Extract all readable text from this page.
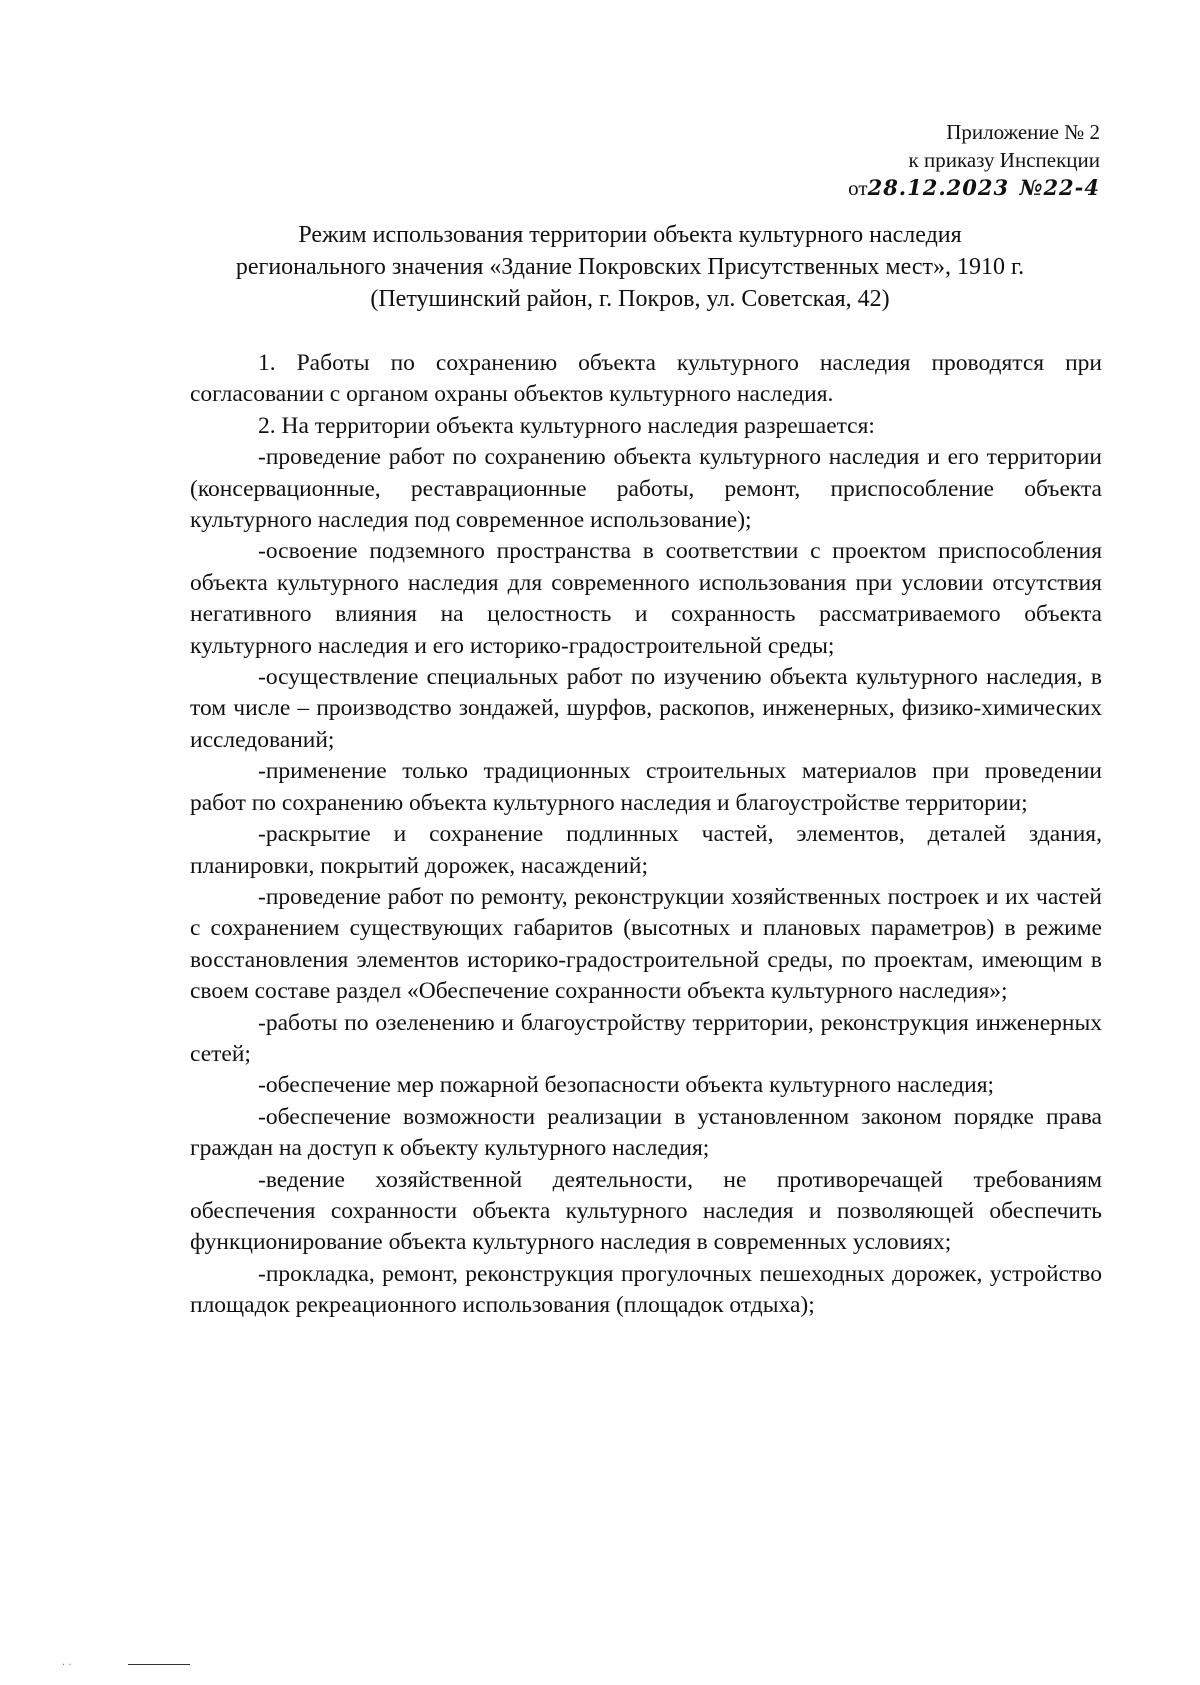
Приложение № 2
к приказу Инспекции
от28.12.2023 №22-4
Режим использования территории объекта культурного наследия
регионального значения «Здание Покровских Присутственных мест», 1910 г.
(Петушинский район, г. Покров, ул. Советская, 42)

1. Работы по сохранению объекта культурного наследия проводятся при согласовании с органом охраны объектов культурного наследия.

2. На территории объекта культурного наследия разрешается:

-проведение работ по сохранению объекта культурного наследия и его территории (консервационные, реставрационные работы, ремонт, приспособление объекта культурного наследия под современное использование);

-освоение подземного пространства в соответствии с проектом приспособления объекта культурного наследия для современного использования при условии отсутствия негативного влияния на целостность и сохранность рассматриваемого объекта культурного наследия и его историко-градостроительной среды;

-осуществление специальных работ по изучению объекта культурного наследия, в том числе – производство зондажей, шурфов, раскопов, инженерных, физико-химических исследований;

-применение только традиционных строительных материалов при проведении работ по сохранению объекта культурного наследия и благоустройстве территории;

-раскрытие и сохранение подлинных частей, элементов, деталей здания, планировки, покрытий дорожек, насаждений;

-проведение работ по ремонту, реконструкции хозяйственных построек и их частей с сохранением существующих габаритов (высотных и плановых параметров) в режиме восстановления элементов историко-градостроительной среды, по проектам, имеющим в своем составе раздел «Обеспечение сохранности объекта культурного наследия»;

-работы по озеленению и благоустройству территории, реконструкция инженерных сетей;

-обеспечение мер пожарной безопасности объекта культурного наследия;

-обеспечение возможности реализации в установленном законом порядке права граждан на доступ к объекту культурного наследия;

-ведение хозяйственной деятельности, не противоречащей требованиям обеспечения сохранности объекта культурного наследия и позволяющей обеспечить функционирование объекта культурного наследия в современных условиях;

-прокладка, ремонт, реконструкция прогулочных пешеходных дорожек, устройство площадок рекреационного использования (площадок отдыха);

· ·
